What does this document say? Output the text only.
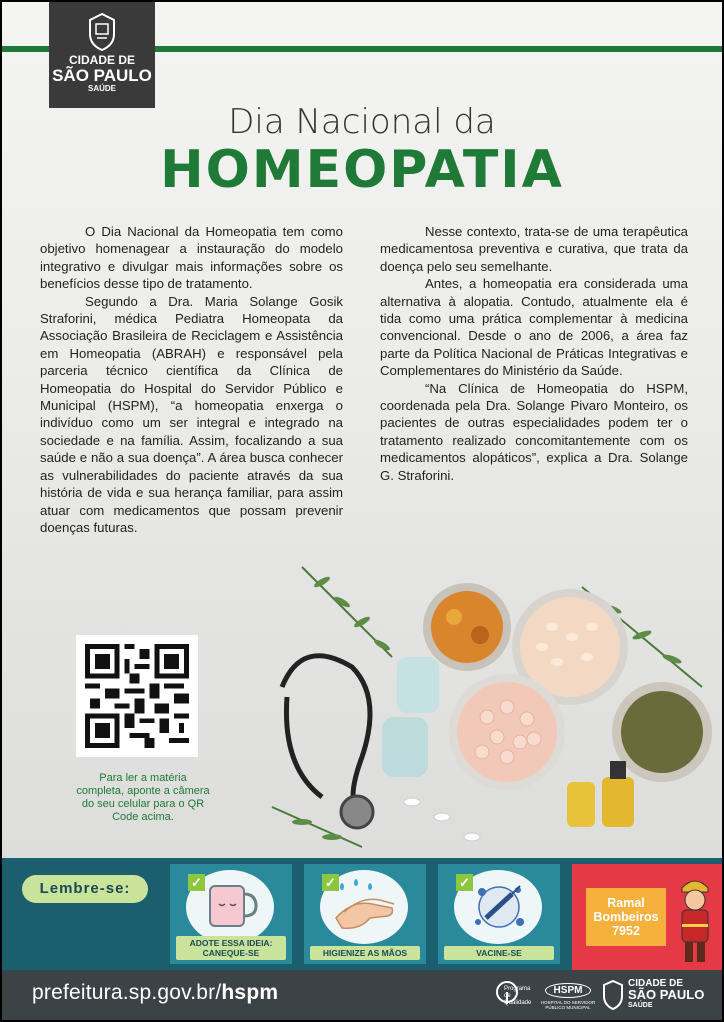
CIDADE DE
SÃO PAULO
SAÚDE
Dia Nacional da
HOMEOPATIA

O Dia Nacional da Homeopatia tem como objetivo homenagear a instauração do modelo integrativo e divulgar mais informações sobre os benefícios desse tipo de tratamento.

Segundo a Dra. Maria Solange Gosik Straforini, médica Pediatra Homeopata da Associação Brasileira de Reciclagem e Assistência em Homeopatia (ABRAH) e responsável pela parceria técnico científica da Clínica de Homeopatia do Hospital do Servidor Público e Municipal (HSPM), “a homeopatia enxerga o indivíduo como um ser integral e integrado na sociedade e na família. Assim, focalizando a sua saúde e não a sua doença”. A área busca conhecer as vulnerabilidades do paciente através da sua história de vida e sua herança familiar, para assim atuar com medicamentos que possam prevenir doenças futuras.

Nesse contexto, trata-se de uma terapêutica medicamentosa preventiva e curativa, que trata da doença pelo seu semelhante.

Antes, a homeopatia era considerada uma alternativa à alopatia. Contudo, atualmente ela é tida como uma prática complementar à medicina convencional. Desde o ano de 2006, a área faz parte da Política Nacional de Práticas Integrativas e Complementares do Ministério da Saúde.

“Na Clínica de Homeopatia do HSPM, coordenada pela Dra. Solange Pivaro Monteiro, os pacientes de outras especialidades podem ter o tratamento realizado concomitantemente com os medicamentos alopáticos”, explica a Dra. Solange G. Straforini.

Para ler a matéria completa, aponte a câmera do seu celular para o QR Code acima.
Lembre-se:	✓
ADOTE ESSA IDEIA: CANEQUE-SE
✓
HIGIENIZE AS MÃOS
✓
VACINE-SE
Ramal
Bombeiros
7952
prefeitura.sp.gov.br/hspm	Programa de Qualidade
HSPM
HOSPITAL DO SERVIDOR PÚBLICO MUNICIPAL
CIDADE DE
SÃO PAULO
SAÚDE
